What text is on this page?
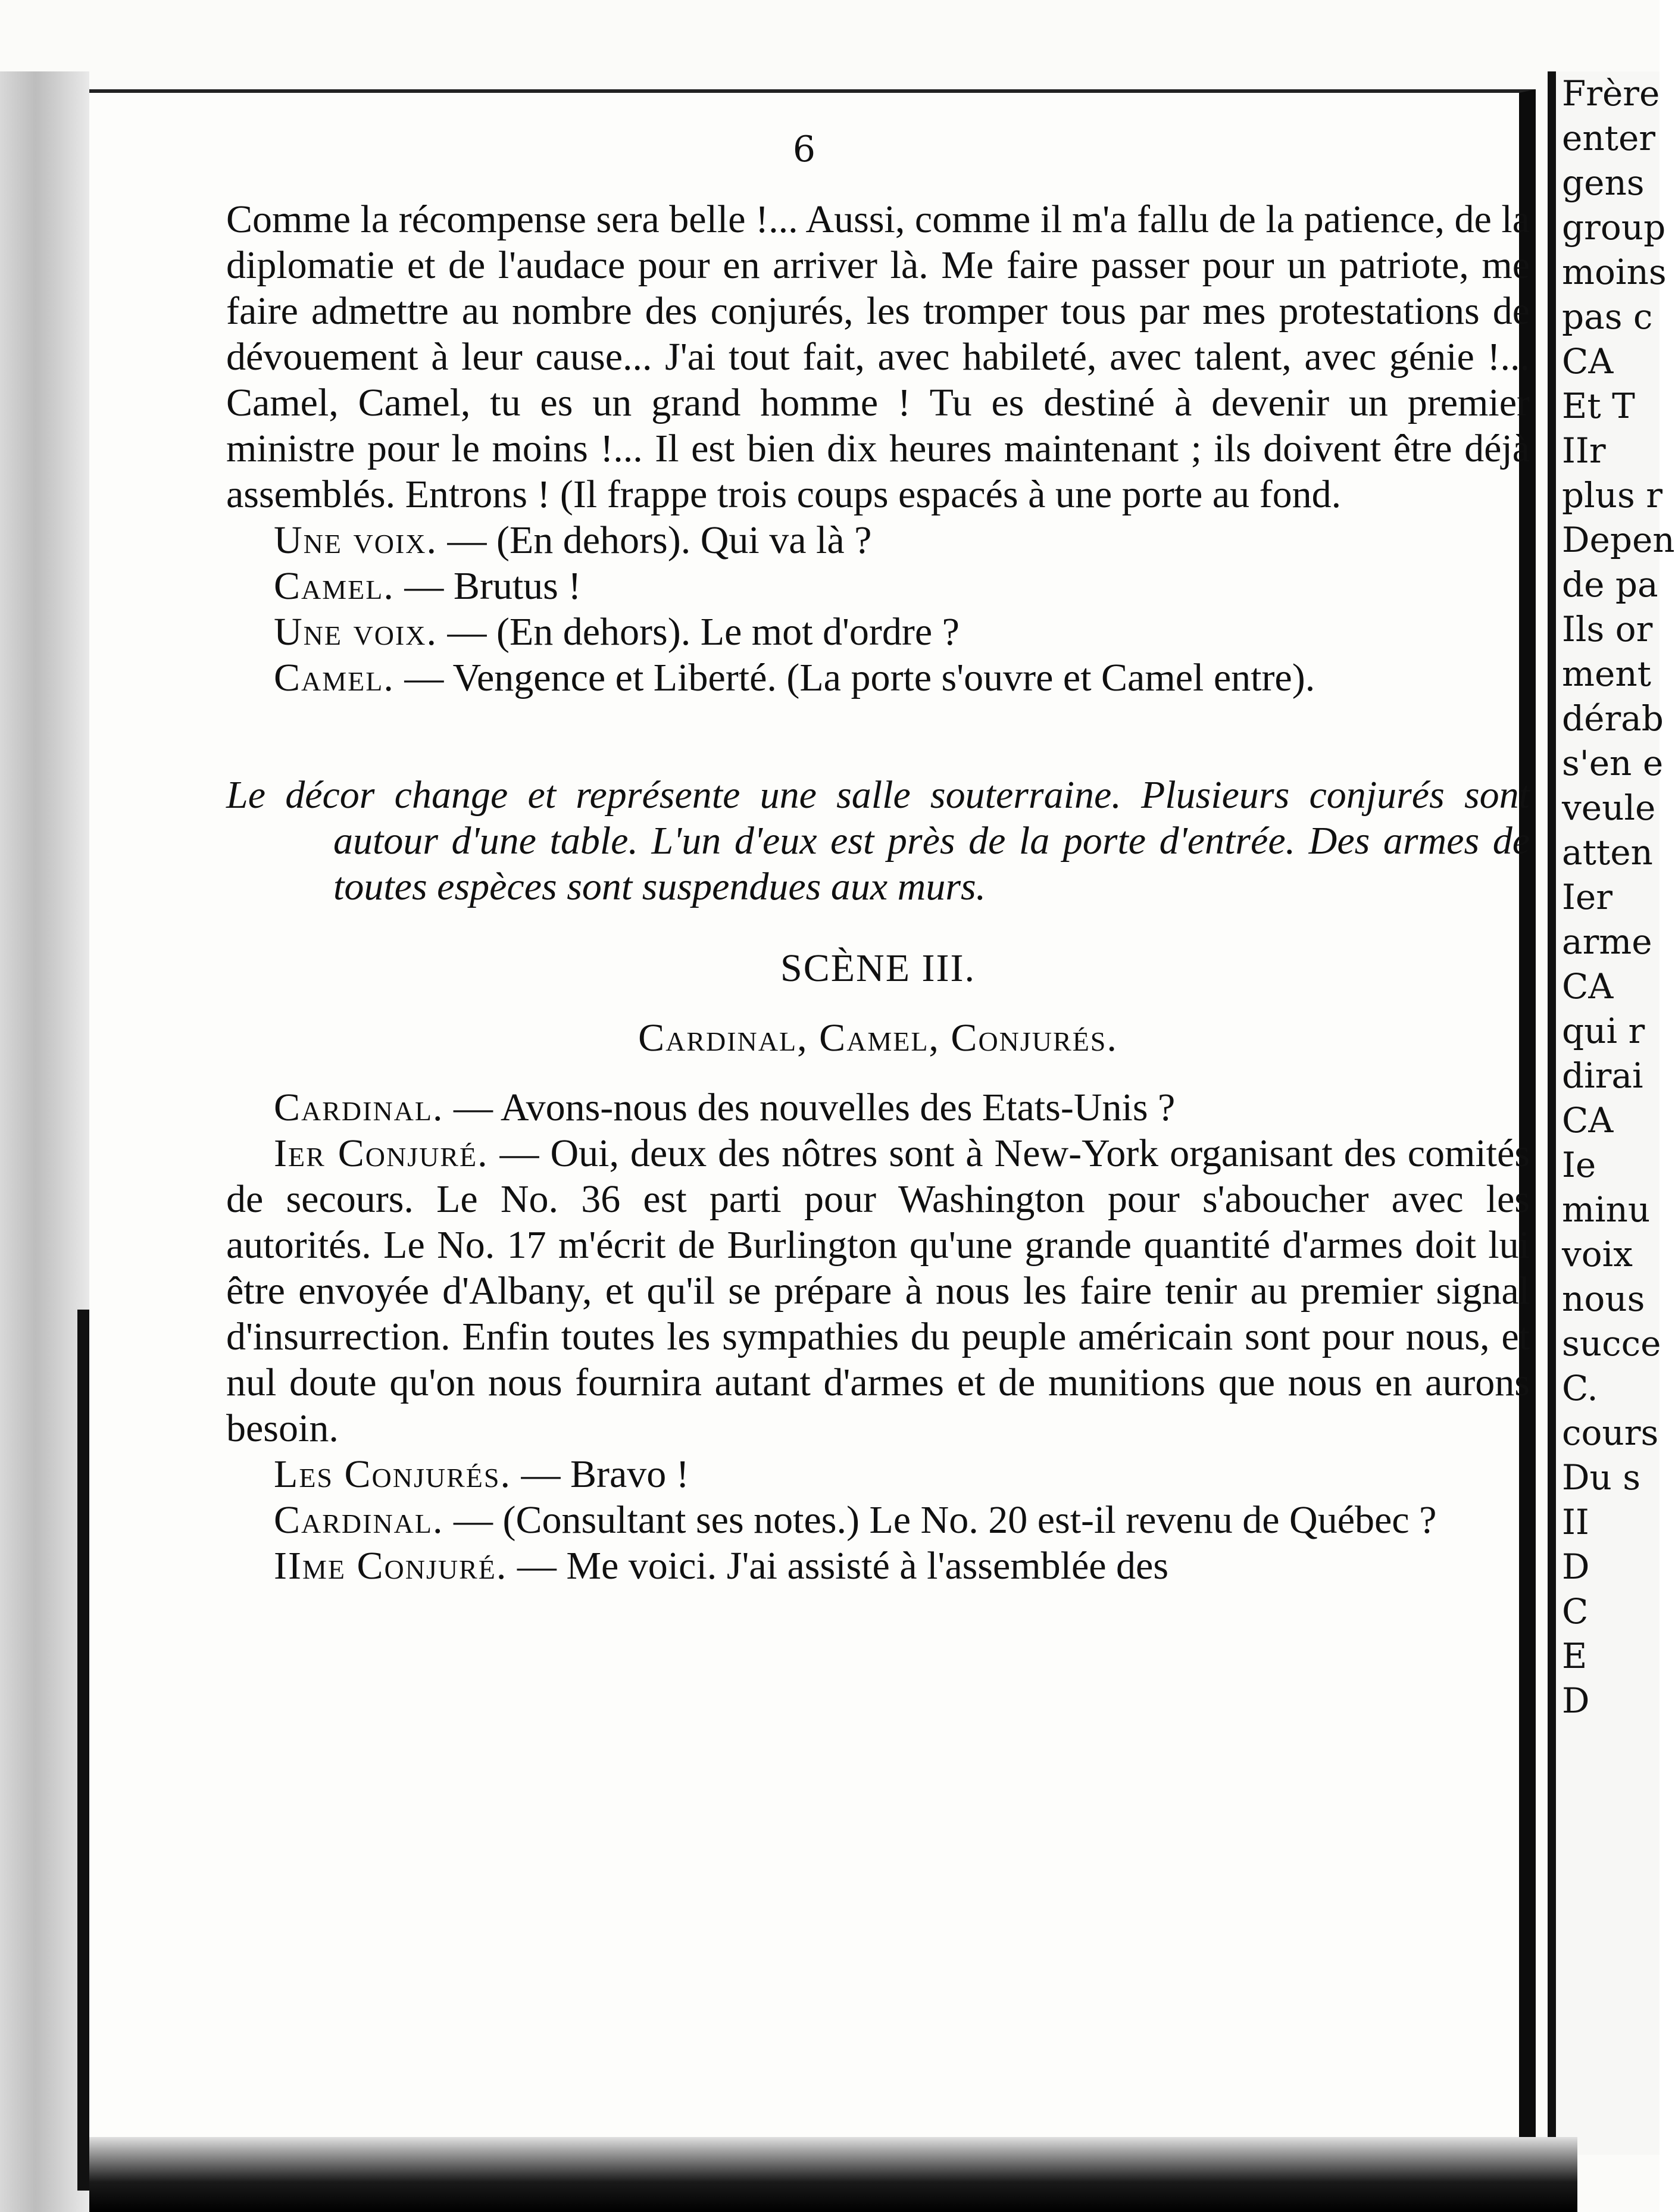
6

Comme la récompense sera belle !... Aussi, comme il m'a fallu de la patience, de la diplomatie et de l'audace pour en arriver là. Me faire passer pour un patriote, me faire admettre au nombre des conjurés, les tromper tous par mes protestations de dévouement à leur cause... J'ai tout fait, avec habileté, avec talent, avec génie !... Camel, Camel, tu es un grand homme ! Tu es destiné à devenir un premier ministre pour le moins !... Il est bien dix heures maintenant ; ils doivent être déjà assemblés. Entrons ! (Il frappe trois coups espacés à une porte au fond.

Une voix. — (En dehors). Qui va là ?

Camel. — Brutus !

Une voix. — (En dehors). Le mot d'ordre ?

Camel. — Vengence et Liberté. (La porte s'ouvre et Camel entre).

Le décor change et représente une salle souterraine. Plusieurs conjurés sont autour d'une table. L'un d'eux est près de la porte d'entrée. Des armes de toutes espèces sont suspendues aux murs.

SCÈNE III.

Cardinal, Camel, Conjurés.

Cardinal. — Avons-nous des nouvelles des Etats-Unis ?

Ier Conjuré. — Oui, deux des nôtres sont à New-York organisant des comités de secours. Le No. 36 est parti pour Washington pour s'aboucher avec les autorités. Le No. 17 m'écrit de Burlington qu'une grande quantité d'armes doit lui être envoyée d'Albany, et qu'il se prépare à nous les faire tenir au premier signal d'insurrection. Enfin toutes les sympathies du peuple américain sont pour nous, et nul doute qu'on nous fournira autant d'armes et de munitions que nous en aurons besoin.

Les Conjurés. — Bravo !

Cardinal. — (Consultant ses notes.) Le No. 20 est-il revenu de Québec ?

IIme Conjuré. — Me voici. J'ai assisté à l'assemblée des

Frère
enter
gens
group
moins
pas c
CA
Et T
IIr
plus r
Depen
de pa
Ils or
ment
dérab
s'en e
veule
atten
Ier
arme
CA
qui r
dirai
CA
Ie
minu
voix
nous
succe
C.
cours
Du s
II
D
C
E
D
